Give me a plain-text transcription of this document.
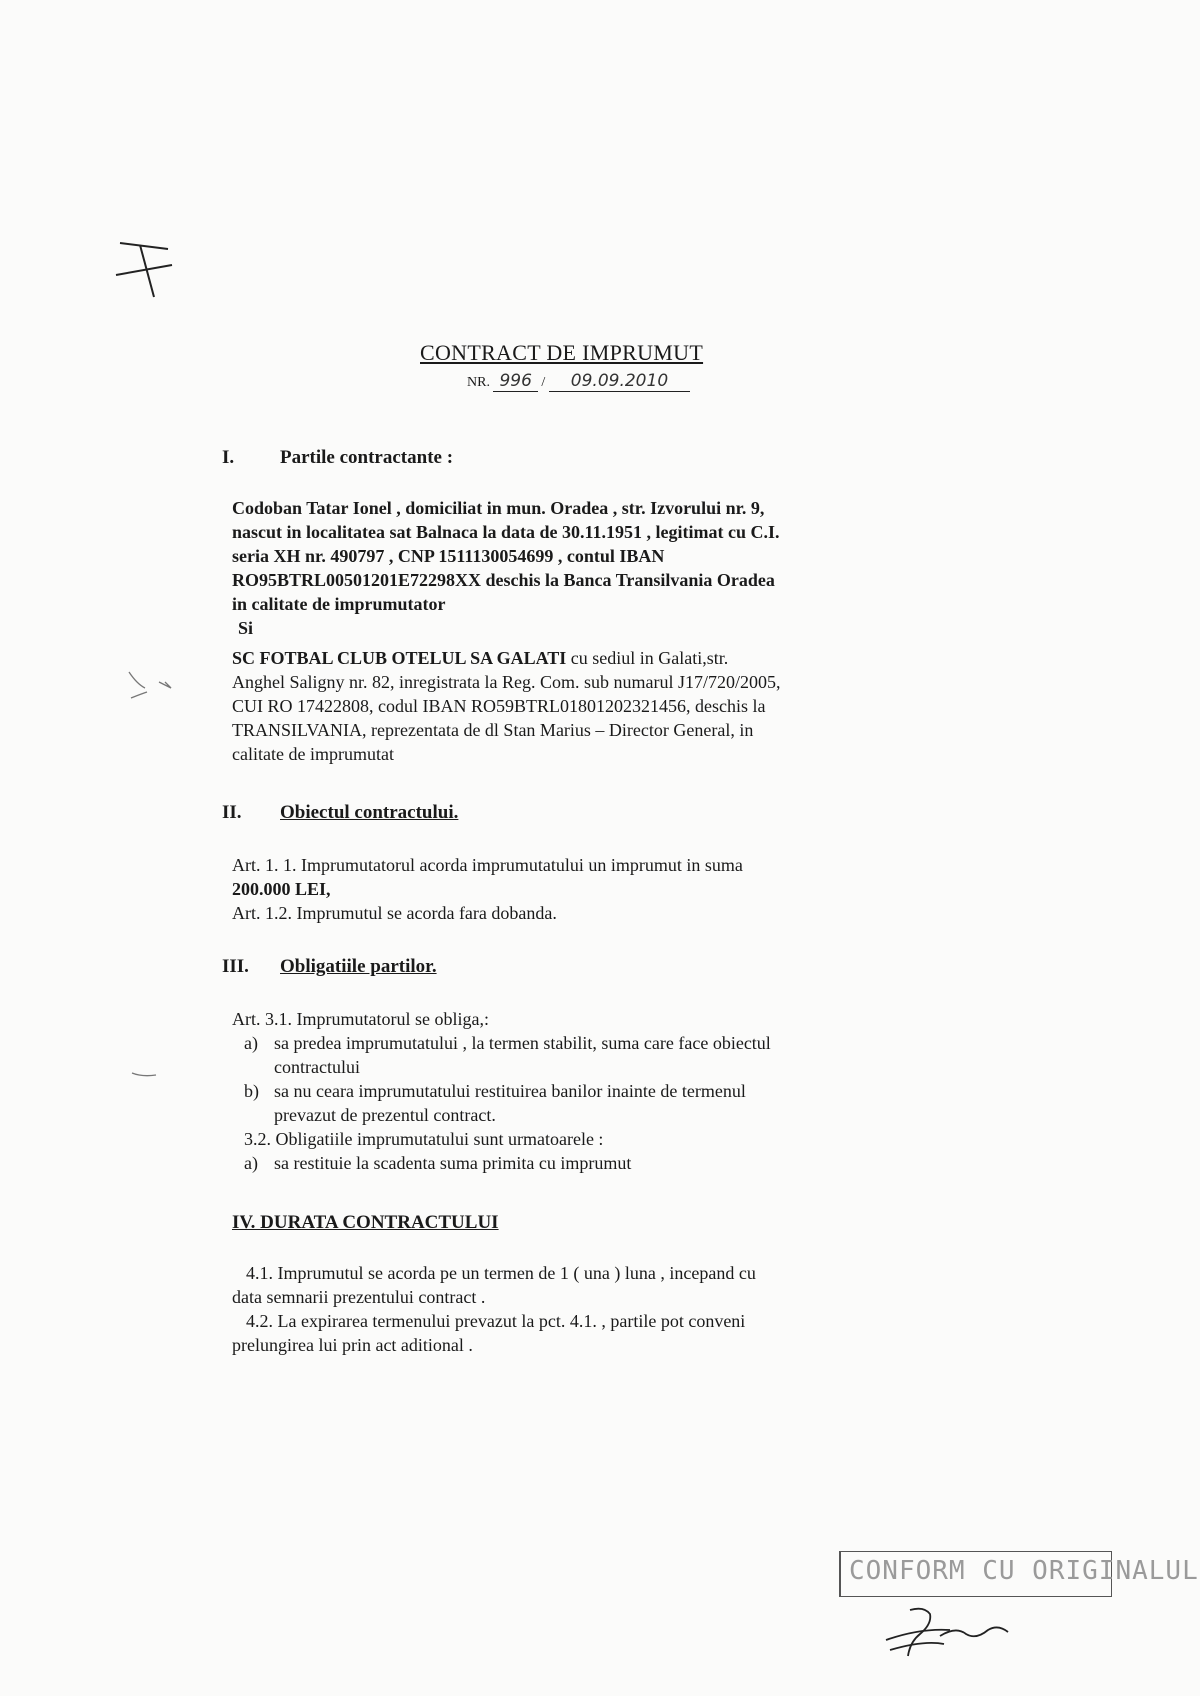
CONTRACT DE IMPRUMUT
NR. 996 / 09.09.2010
I. Partile contractante :
Codoban Tatar Ionel , domiciliat in mun. Oradea , str. Izvorului nr. 9,
nascut in localitatea sat Balnaca la data de 30.11.1951 , legitimat cu C.I.
seria XH nr. 490797 , CNP 1511130054699 , contul IBAN
RO95BTRL00501201E72298XX deschis la Banca Transilvania Oradea
in calitate de imprumutator
Si
SC FOTBAL CLUB OTELUL SA GALATI cu sediul in Galati,str.
Anghel Saligny nr. 82, inregistrata la Reg. Com. sub numarul J17/720/2005,
CUI RO 17422808, codul IBAN RO59BTRL01801202321456, deschis la
TRANSILVANIA, reprezentata de dl Stan Marius – Director General, in
calitate de imprumutat
II. Obiectul contractului.
Art. 1. 1. Imprumutatorul acorda imprumutatului un imprumut in suma
200.000 LEI,
Art. 1.2. Imprumutul se acorda fara dobanda.
III. Obligatiile partilor.
Art. 3.1. Imprumutatorul se obliga,:
a) sa predea imprumutatului , la termen stabilit, suma care face obiectul
contractului
b) sa nu ceara imprumutatului restituirea banilor inainte de termenul
prevazut de prezentul contract.
3.2. Obligatiile imprumutatului sunt urmatoarele :
a) sa restituie la scadenta suma primita cu imprumut
IV. DURATA CONTRACTULUI
4.1. Imprumutul se acorda pe un termen de 1 ( una ) luna , incepand cu
data semnarii prezentului contract .
4.2. La expirarea termenului prevazut la pct. 4.1. , partile pot conveni
prelungirea lui prin act aditional .
CONFORM CU ORIGINALUL
